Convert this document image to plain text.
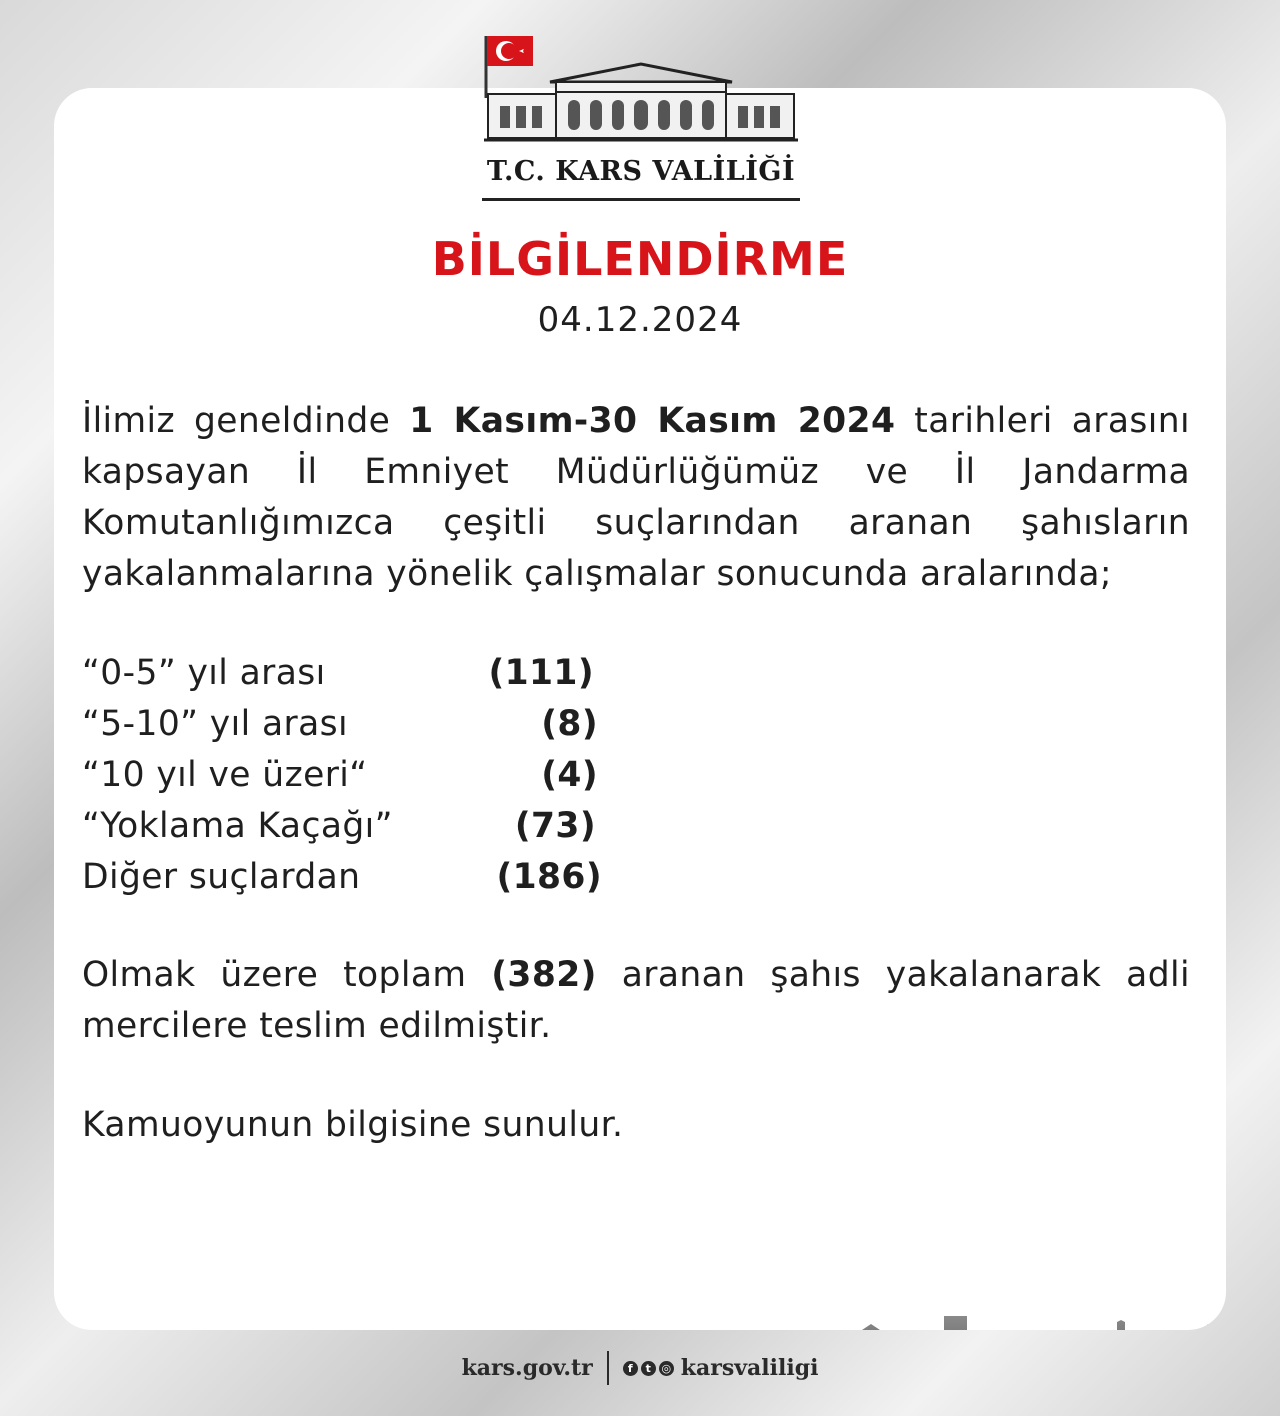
T.C. KARS VALİLİĞİ
BİLGİLENDİRME
04.12.2024
İlimiz geneldinde 1 Kasım-30 Kasım 2024 tarihleri arasını kapsayan İl Emniyet Müdürlüğümüz ve İl Jandarma Komutanlığımızca çeşitli suçlarından aranan şahısların yakalanmalarına yönelik çalışmalar sonucunda aralarında;
“0-5” yıl arası	(111)
“5-10” yıl arası	(8)
“10 yıl ve üzeri“	(4)
“Yoklama Kaçağı”	(73)
Diğer suçlardan	(186)
Olmak üzere toplam (382) aranan şahıs yakalanarak adli mercilere teslim edilmiştir.
Kamuoyunun bilgisine sunulur.
kars.gov.tr	f	t ◎ karsvaliligi
